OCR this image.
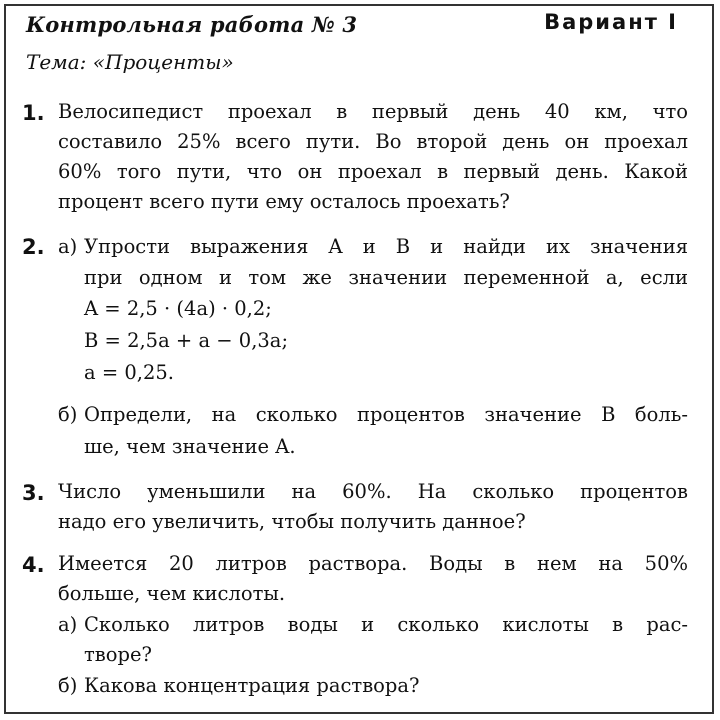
Контрольная работа № 3	Вариант I
Тема: «Проценты»
1. Велосипедист проехал в первый день 40 км, что
составило 25% всего пути. Во второй день он проехал
60% того пути, что он проехал в первый день. Какой
процент всего пути ему осталось проехать?
2. а) Упрости выражения A и B и найди их значения
при одном и том же значении переменной a, если
A = 2,5 · (4a) · 0,2;
B = 2,5a + a − 0,3a;
a = 0,25.
б) Определи, на сколько процентов значение B боль-
ше, чем значение A.
3. Число уменьшили на 60%. На сколько процентов
надо его увеличить, чтобы получить данное?
4. Имеется 20 литров раствора. Воды в нем на 50%
больше, чем кислоты.
а) Сколько литров воды и сколько кислоты в рас-
творе?
б) Какова концентрация раствора?
